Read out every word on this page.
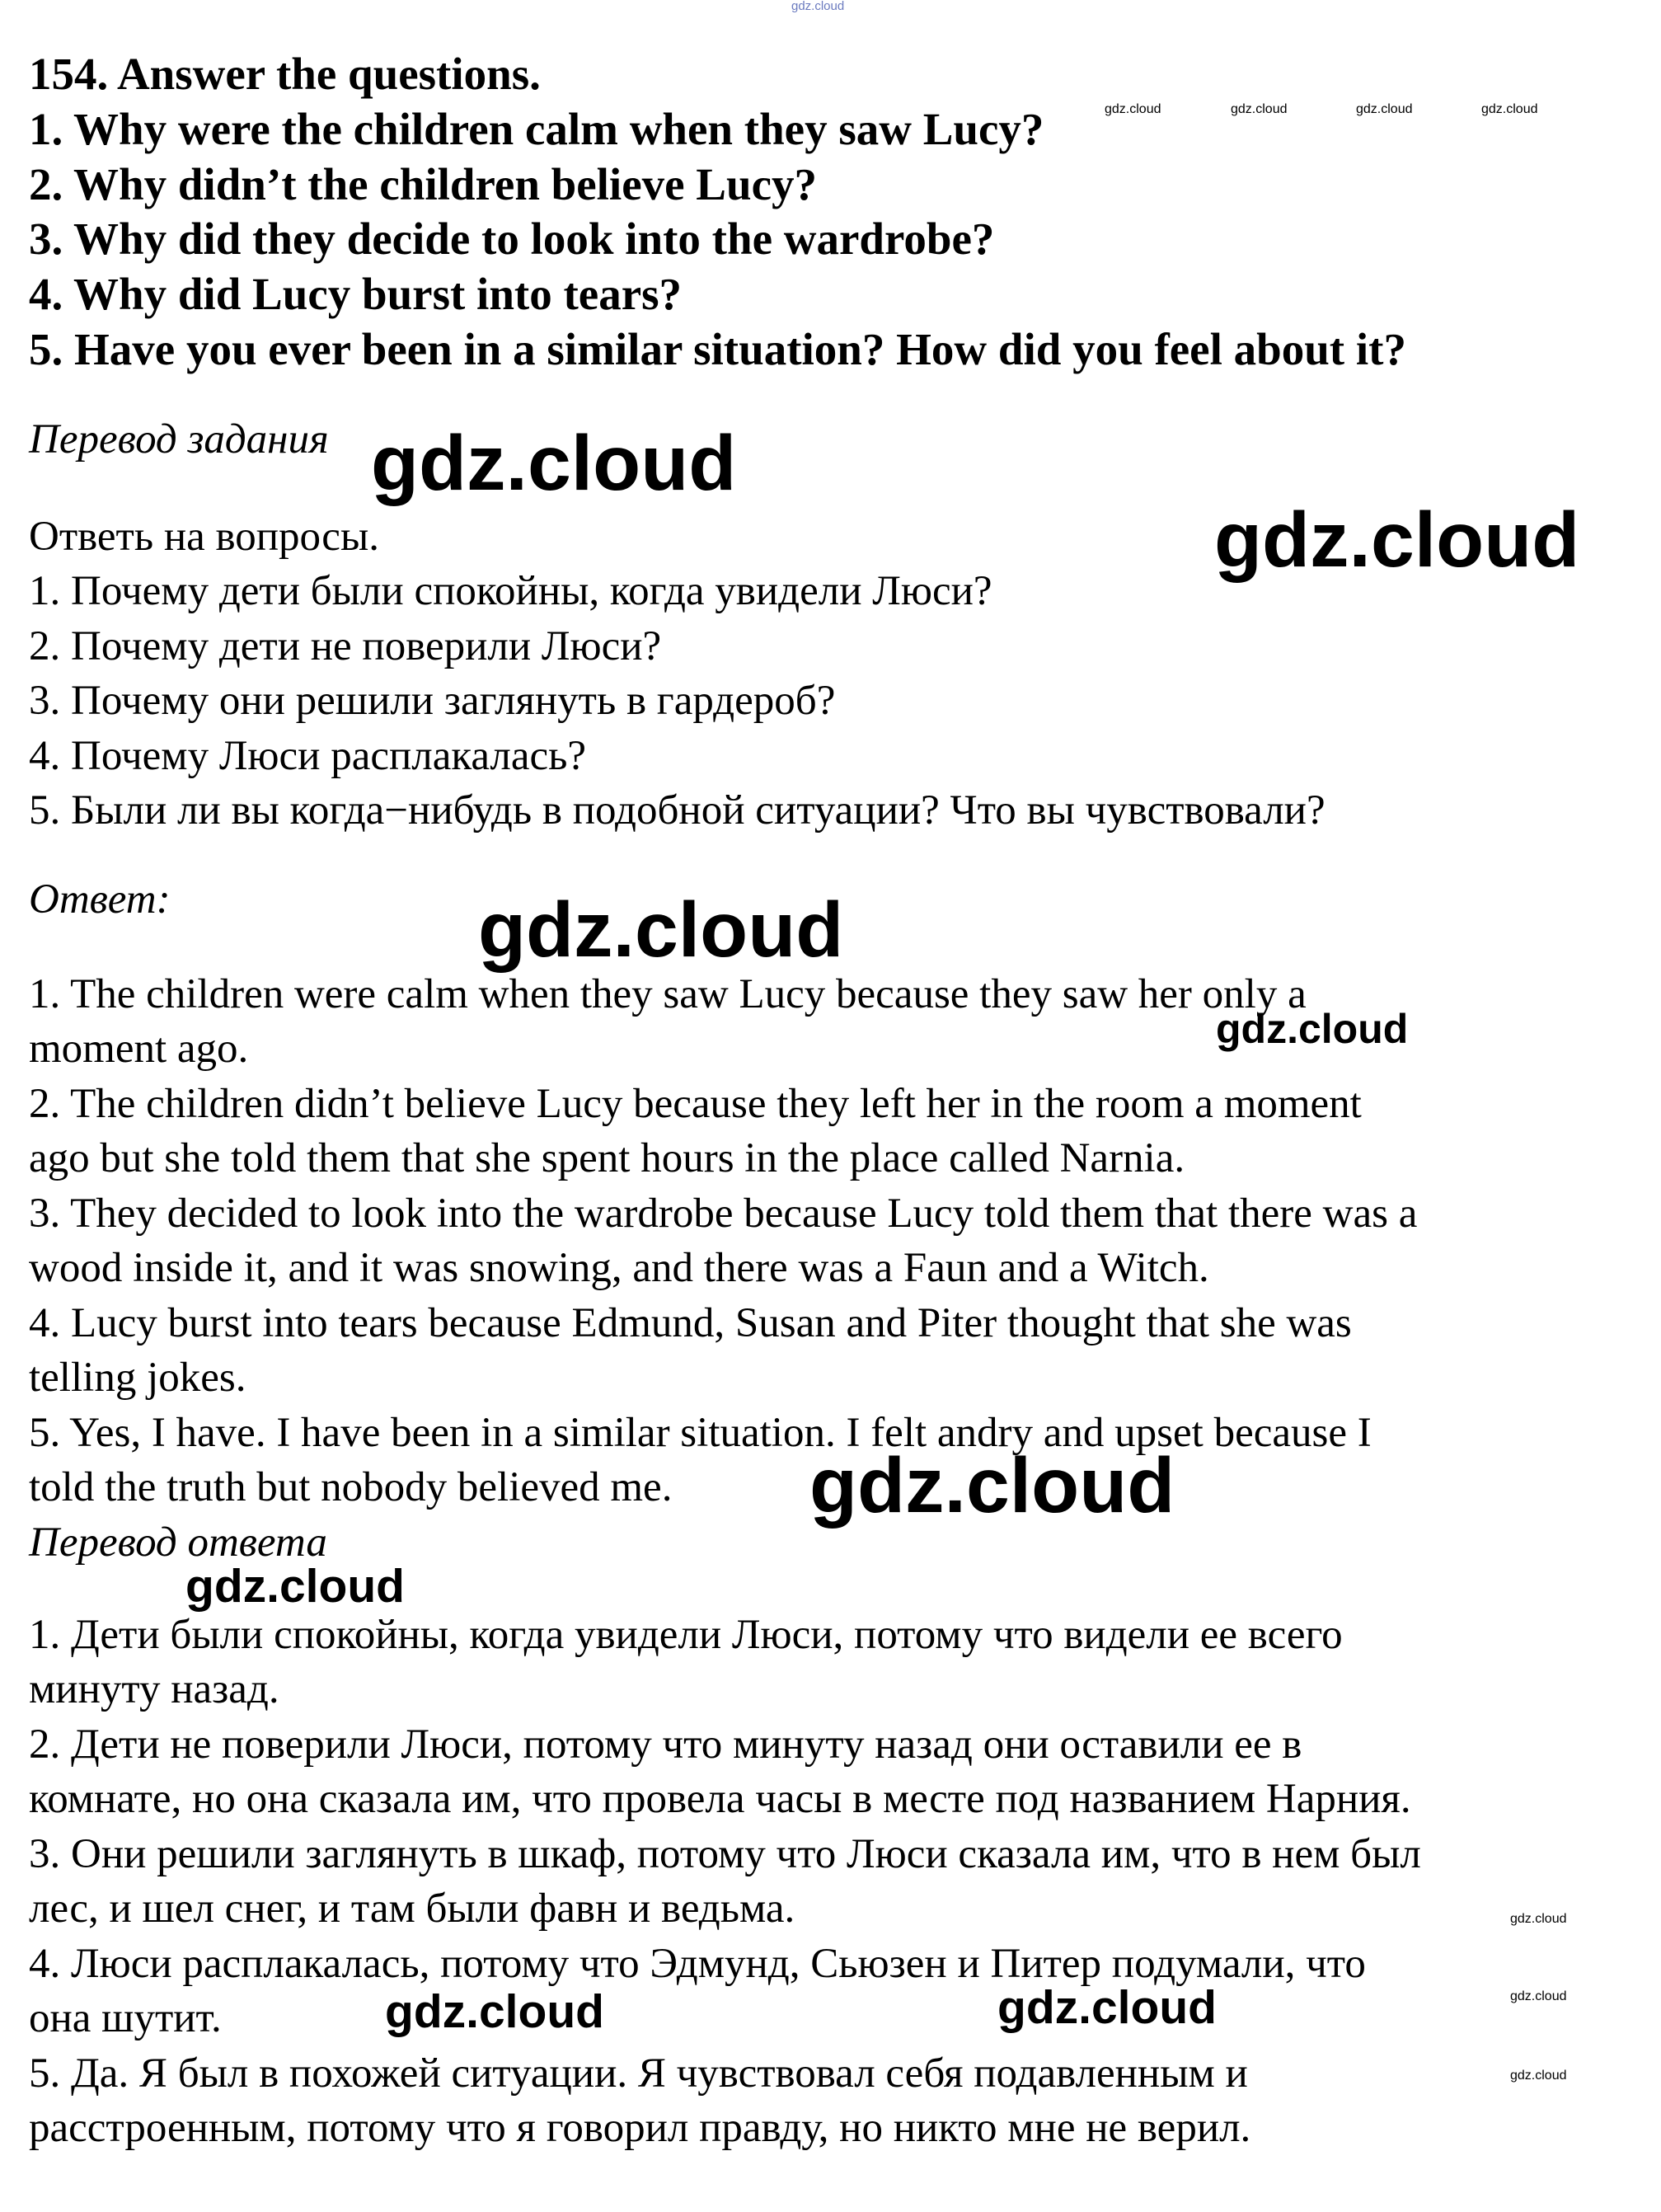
154. Answer the questions.
1. Why were the children calm when they saw Lucy?
2. Why didn’t the children believe Lucy?
3. Why did they decide to look into the wardrobe?
4. Why did Lucy burst into tears?
5. Have you ever been in a similar situation? How did you feel about it?
Перевод задания
Ответь на вопросы.
1. Почему дети были спокойны, когда увидели Люси?
2. Почему дети не поверили Люси?
3. Почему они решили заглянуть в гардероб?
4. Почему Люси расплакалась?
5. Были ли вы когда−нибудь в подобной ситуации? Что вы чувствовали?
Ответ:
1. The children were calm when they saw Lucy because they saw her only a
moment ago.
2. The children didn’t believe Lucy because they left her in the room a moment
ago but she told them that she spent hours in the place called Narnia.
3. They decided to look into the wardrobe because Lucy told them that there was a
wood inside it, and it was snowing, and there was a Faun and a Witch.
4. Lucy burst into tears because Edmund, Susan and Piter thought that she was
telling jokes.
5. Yes, I have. I have been in a similar situation. I felt andry and upset because I
told the truth but nobody believed me.
Перевод ответа
1. Дети были спокойны, когда увидели Люси, потому что видели ее всего
минуту назад.
2. Дети не поверили Люси, потому что минуту назад они оставили ее в
комнате, но она сказала им, что провела часы в месте под названием Нарния.
3. Они решили заглянуть в шкаф, потому что Люси сказала им, что в нем был
лес, и шел снег, и там были фавн и ведьма.
4. Люси расплакалась, потому что Эдмунд, Сьюзен и Питер подумали, что
она шутит.
5. Да. Я был в похожей ситуации. Я чувствовал себя подавленным и
расстроенным, потому что я говорил правду, но никто мне не верил.
gdz.cloud
gdz.cloud	gdz.cloud	gdz.cloud	gdz.cloud
gdz.cloud
gdz.cloud
gdz.cloud
gdz.cloud
gdz.cloud
gdz.cloud
gdz.cloud
gdz.cloud
gdz.cloud	gdz.cloud
gdz.cloud
